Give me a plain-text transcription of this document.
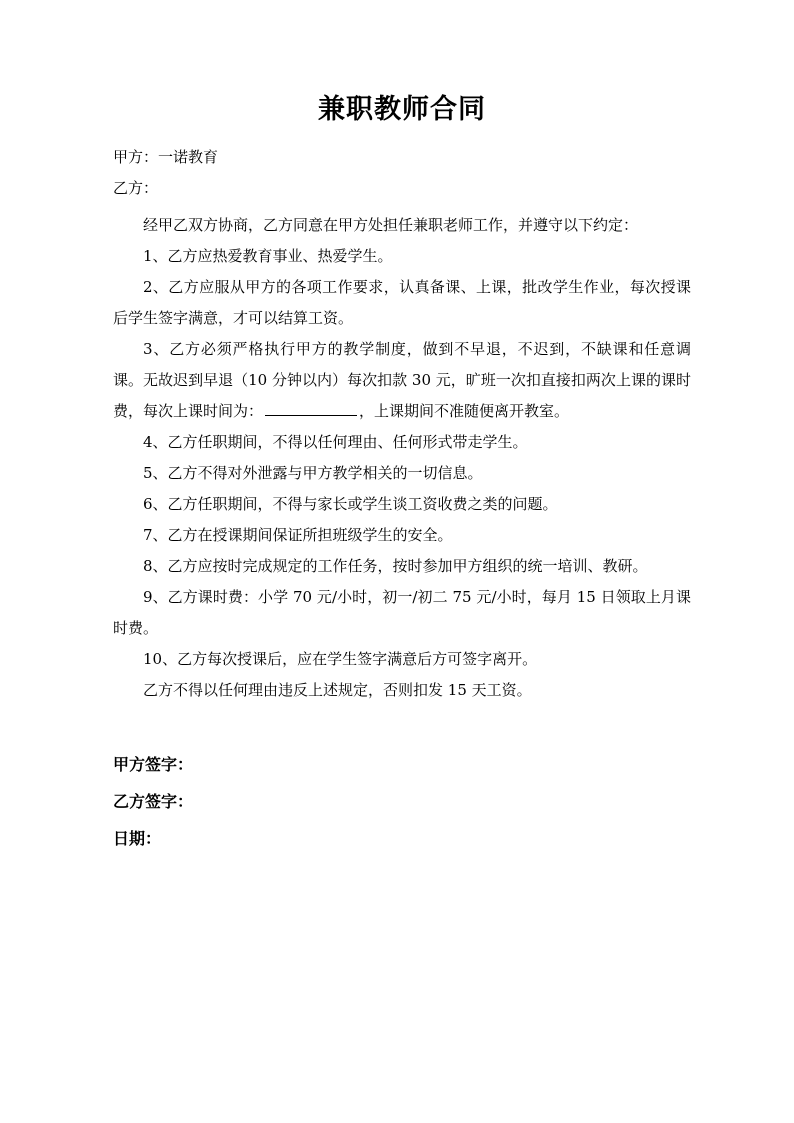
兼职教师合同
甲方：一诺教育
乙方：

经甲乙双方协商，乙方同意在甲方处担任兼职老师工作，并遵守以下约定：

1、乙方应热爱教育事业、热爱学生。

2、乙方应服从甲方的各项工作要求，认真备课、上课，批改学生作业，每次授课后学生签字满意，才可以结算工资。

3、乙方必须严格执行甲方的教学制度，做到不早退，不迟到，不缺课和任意调课。无故迟到早退（10 分钟以内）每次扣款 30 元，旷班一次扣直接扣两次上课的课时费，每次上课时间为：	，上课期间不准随便离开教室。

4、乙方任职期间，不得以任何理由、任何形式带走学生。

5、乙方不得对外泄露与甲方教学相关的一切信息。

6、乙方任职期间，不得与家长或学生谈工资收费之类的问题。

7、乙方在授课期间保证所担班级学生的安全。

8、乙方应按时完成规定的工作任务，按时参加甲方组织的统一培训、教研。

9、乙方课时费：小学 70 元/小时，初一/初二 75 元/小时，每月 15 日领取上月课时费。

10、乙方每次授课后，应在学生签字满意后方可签字离开。

乙方不得以任何理由违反上述规定，否则扣发 15 天工资。

甲方签字：
乙方签字：
日期：
